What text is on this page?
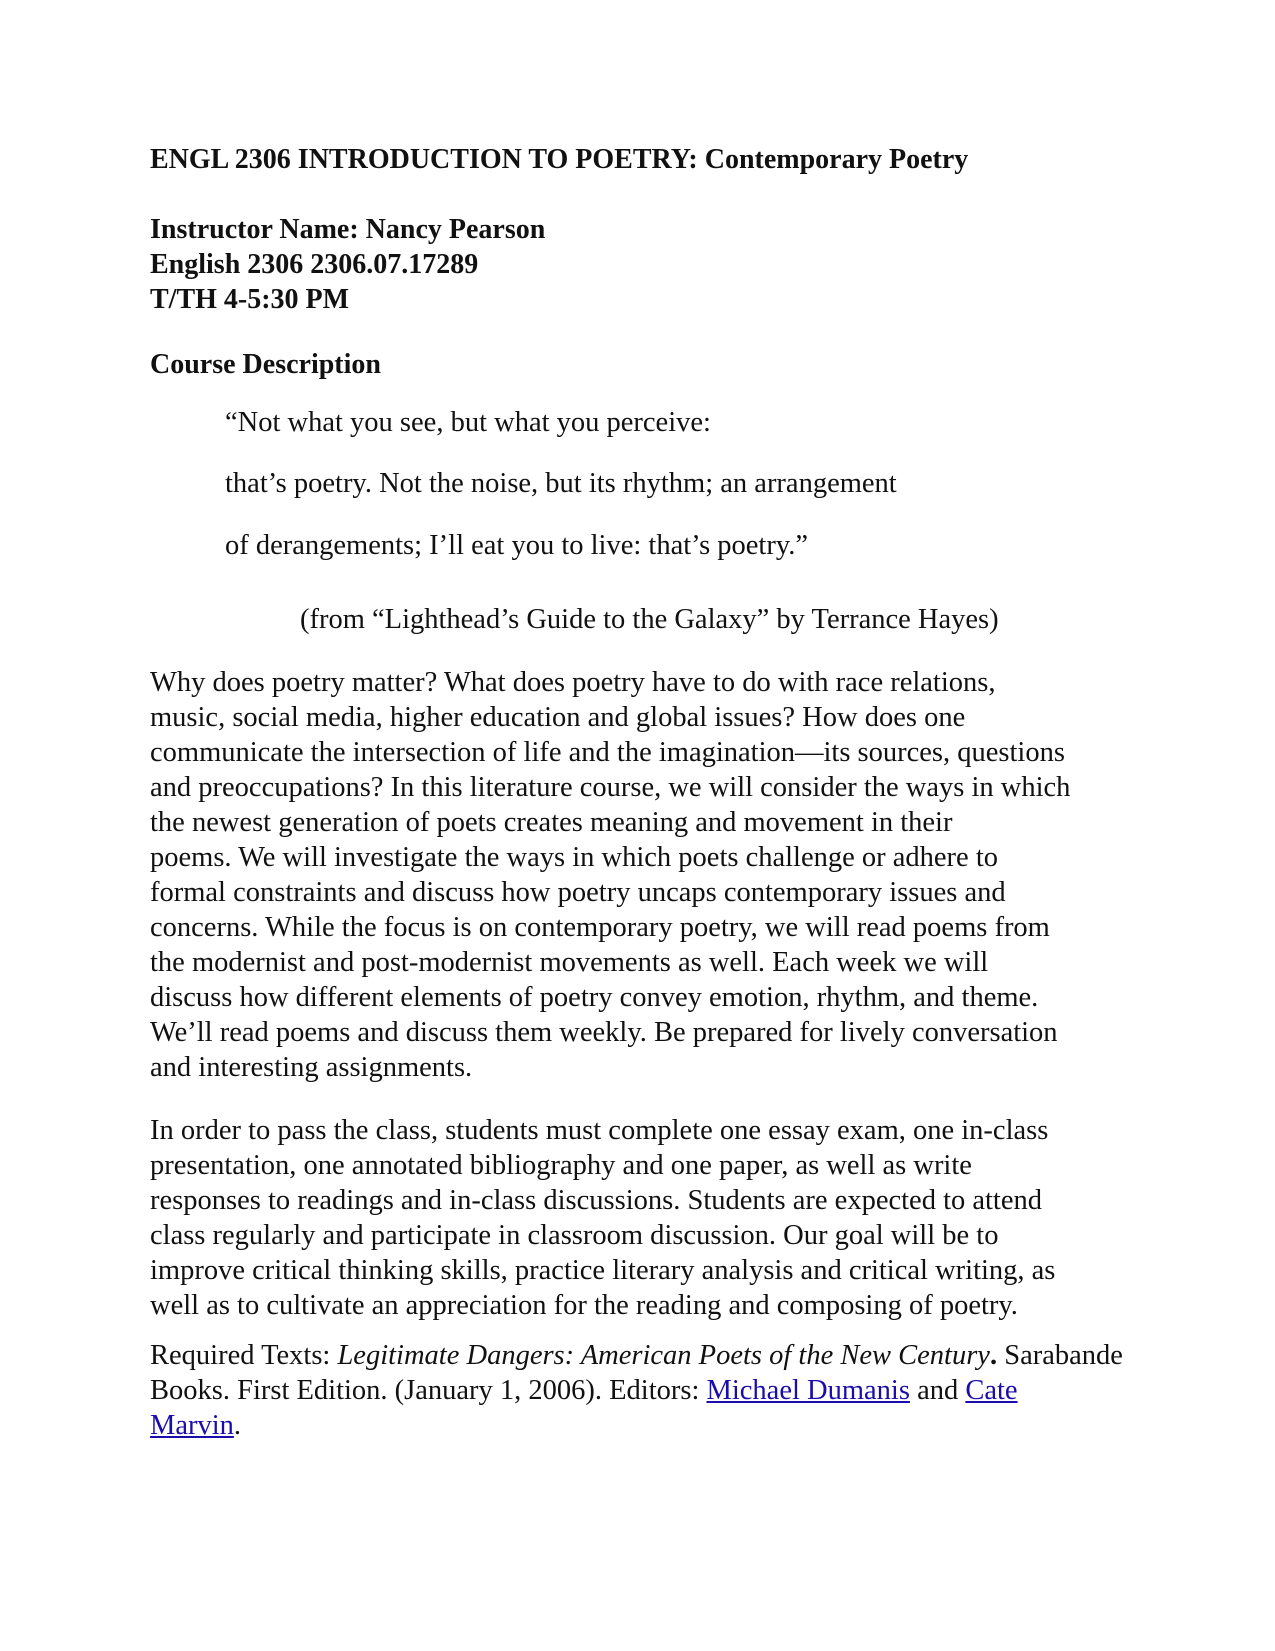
ENGL 2306 INTRODUCTION TO POETRY: Contemporary Poetry
Instructor Name: Nancy Pearson
English 2306 2306.07.17289
T/TH 4-5:30 PM
Course Description
“Not what you see, but what you perceive:
that’s poetry. Not the noise, but its rhythm; an arrangement
of derangements; I’ll eat you to live: that’s poetry.”
(from “Lighthead’s Guide to the Galaxy” by Terrance Hayes)
Why does poetry matter? What does poetry have to do with race relations,
music, social media, higher education and global issues? How does one
communicate the intersection of life and the imagination—its sources, questions
and preoccupations? In this literature course, we will consider the ways in which
the newest generation of poets creates meaning and movement in their
poems. We will investigate the ways in which poets challenge or adhere to
formal constraints and discuss how poetry uncaps contemporary issues and
concerns. While the focus is on contemporary poetry, we will read poems from
the modernist and post-modernist movements as well. Each week we will
discuss how different elements of poetry convey emotion, rhythm, and theme.
We’ll read poems and discuss them weekly. Be prepared for lively conversation
and interesting assignments.
In order to pass the class, students must complete one essay exam, one in-class
presentation, one annotated bibliography and one paper, as well as write
responses to readings and in-class discussions. Students are expected to attend
class regularly and participate in classroom discussion. Our goal will be to
improve critical thinking skills, practice literary analysis and critical writing, as
well as to cultivate an appreciation for the reading and composing of poetry.
Required Texts: Legitimate Dangers: American Poets of the New Century. Sarabande
Books. First Edition. (January 1, 2006). Editors: Michael Dumanis and Cate
Marvin.
